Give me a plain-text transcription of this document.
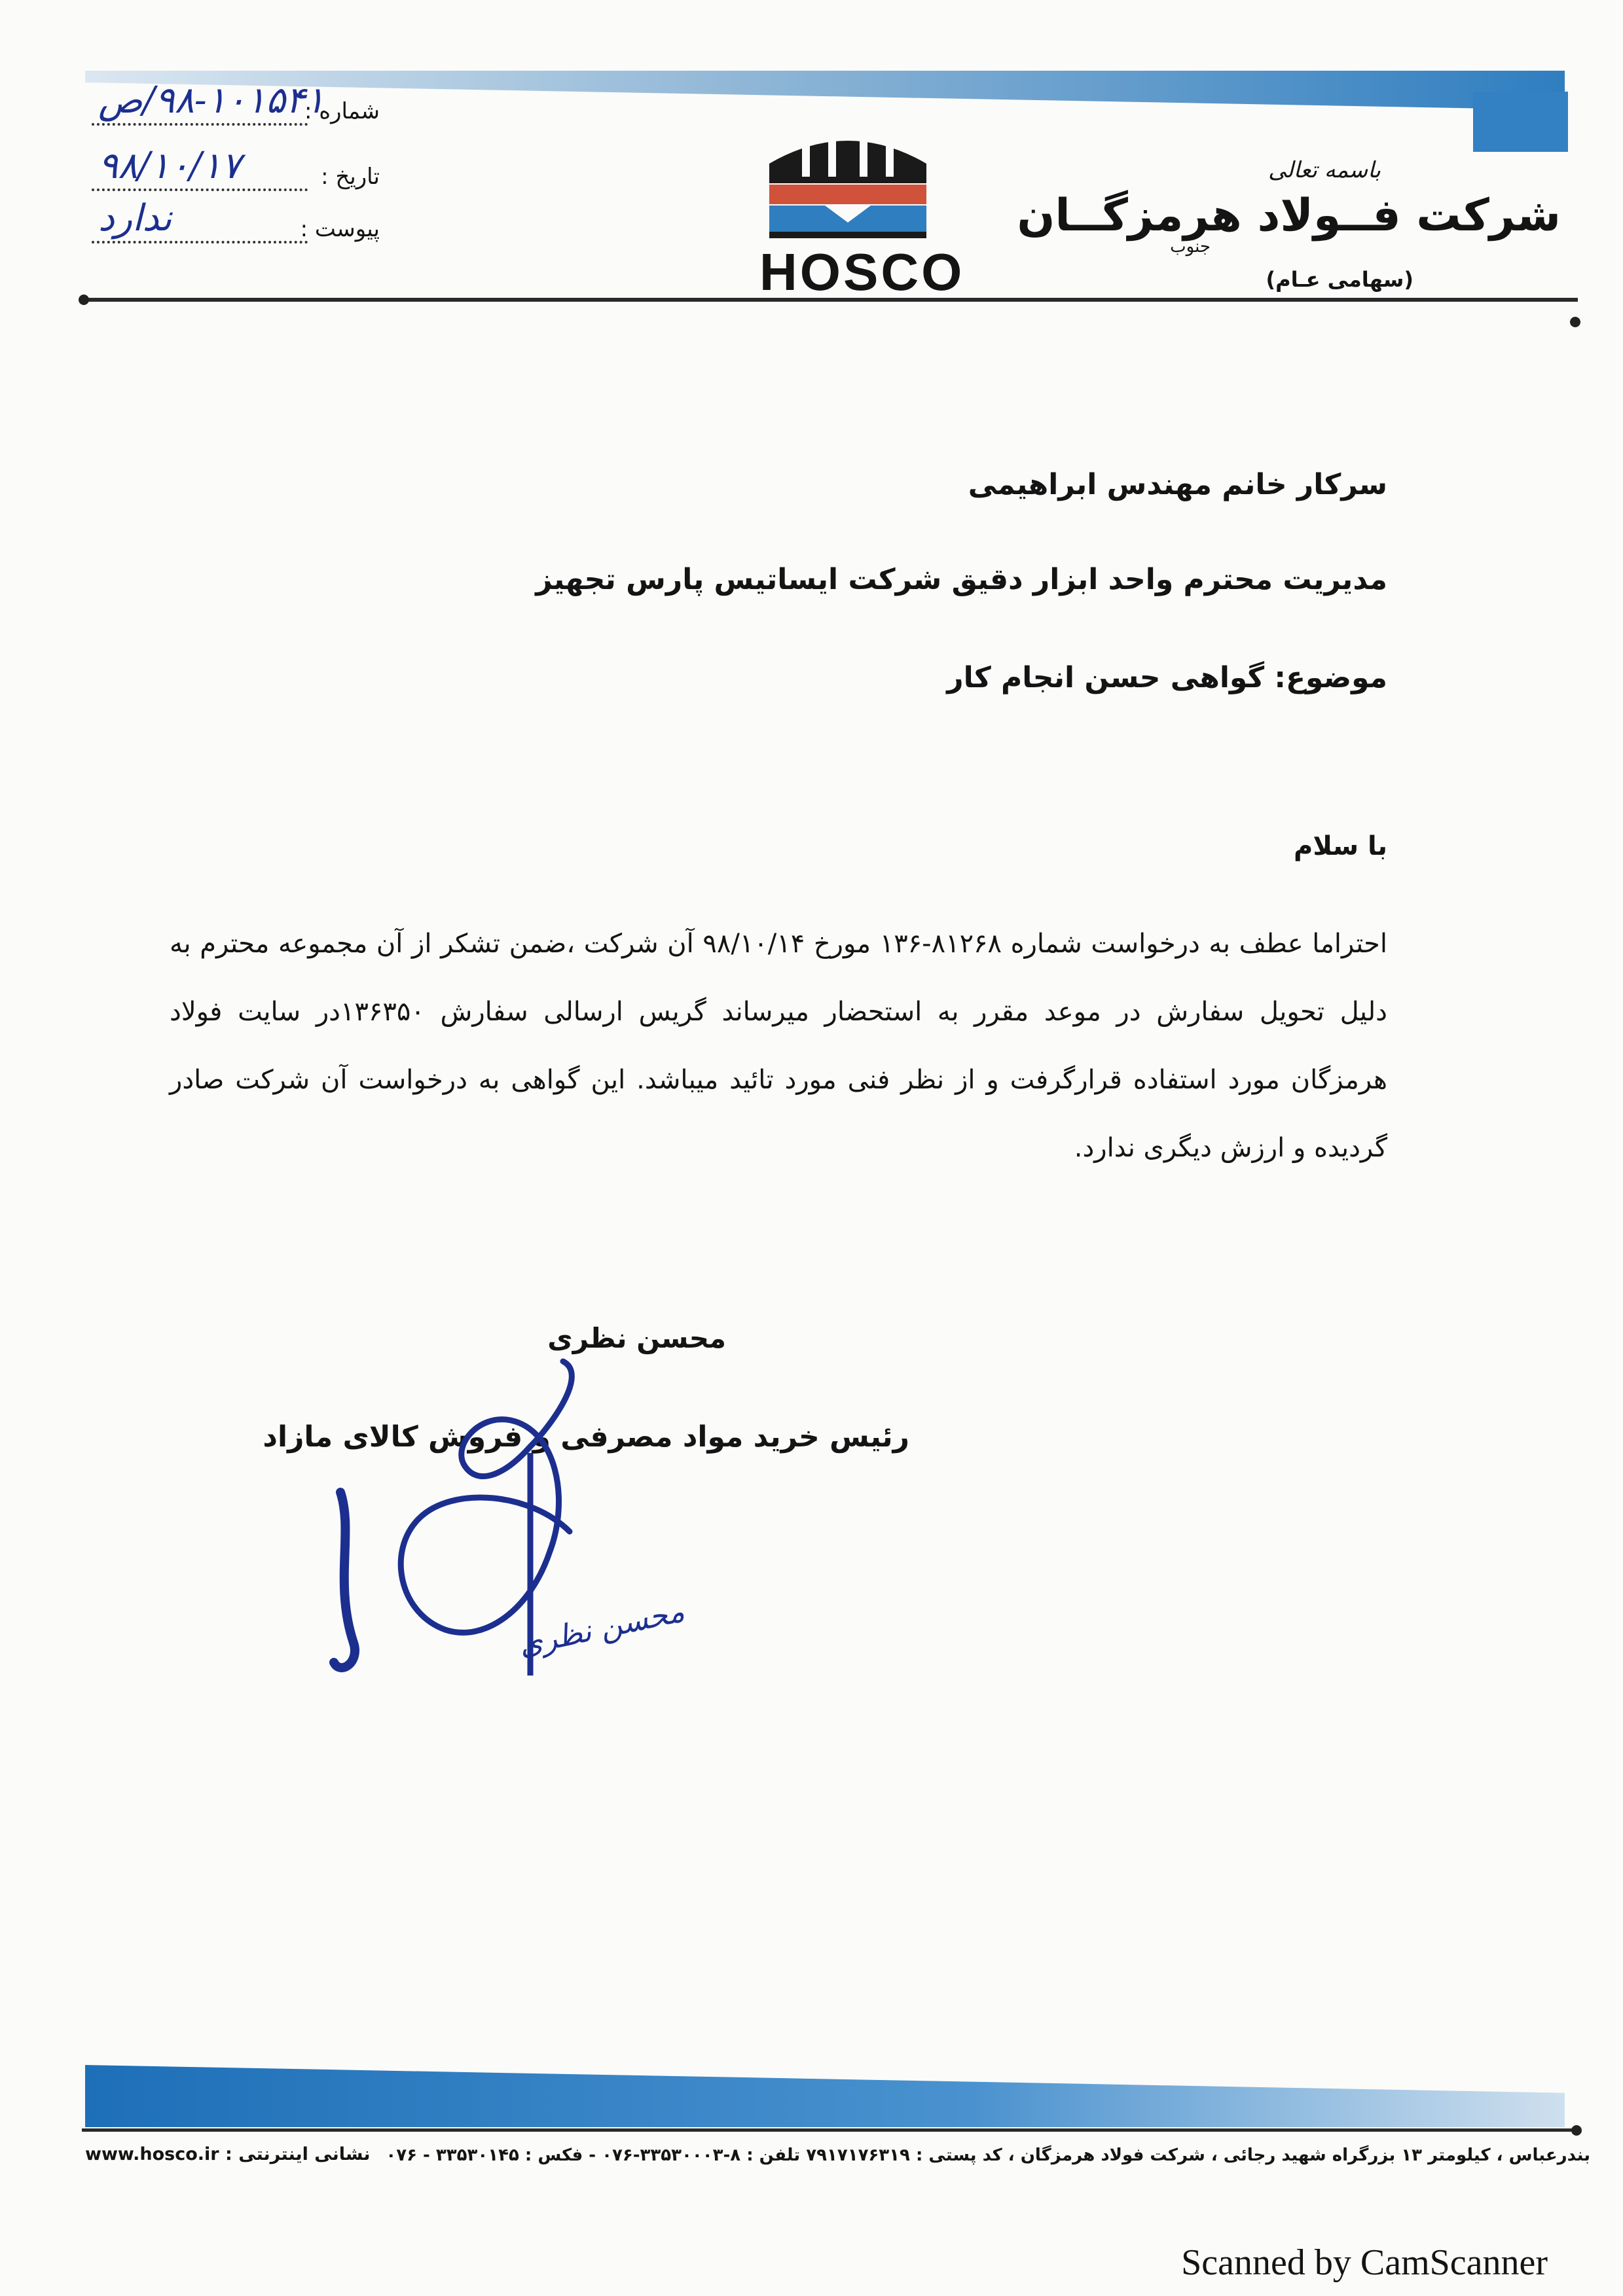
شماره :
۹۸-۱۰۱۵۴۱/ص
تاریخ :
۹۸/۱۰/۱۷
پیوست :
ندارد
HOSCO
باسمه تعالی
شرکت فــولاد هرمزگــان
جنوب
(سهامی عـام)
سرکار خانم مهندس ابراهیمی
مدیریت محترم واحد ابزار دقیق شرکت ایساتیس پارس تجهیز
موضوع: گواهی حسن انجام کار
با سلام
احتراما عطف به درخواست شماره ۸۱۲۶۸-۱۳۶ مورخ ۹۸/۱۰/۱۴ آن شرکت ،ضمن تشکر از آن مجموعه محترم به دلیل تحویل سفارش در موعد مقرر به استحضار میرساند گریس ارسالی سفارش ۱۳۶۳۵۰در سایت فولاد هرمزگان مورد استفاده قرارگرفت و از نظر فنی مورد تائید میباشد. این گواهی به درخواست آن شرکت صادر گردیده و ارزش دیگری ندارد.
محسن نظری
رئیس خرید مواد مصرفی و فروش کالای مازاد
محسن نظری
بندرعباس ، کیلومتر ۱۳ بزرگراه شهید رجائی ، شرکت فولاد هرمزگان ، کد پستی : ۷۹۱۷۱۷۶۳۱۹ تلفن : ۸-۳۳۵۳۰۰۰۳-۰۷۶ - فکس : ۳۳۵۳۰۱۴۵ - ۰۷۶
www.hosco.ir نشانی اینترنتی :
Scanned by CamScanner
